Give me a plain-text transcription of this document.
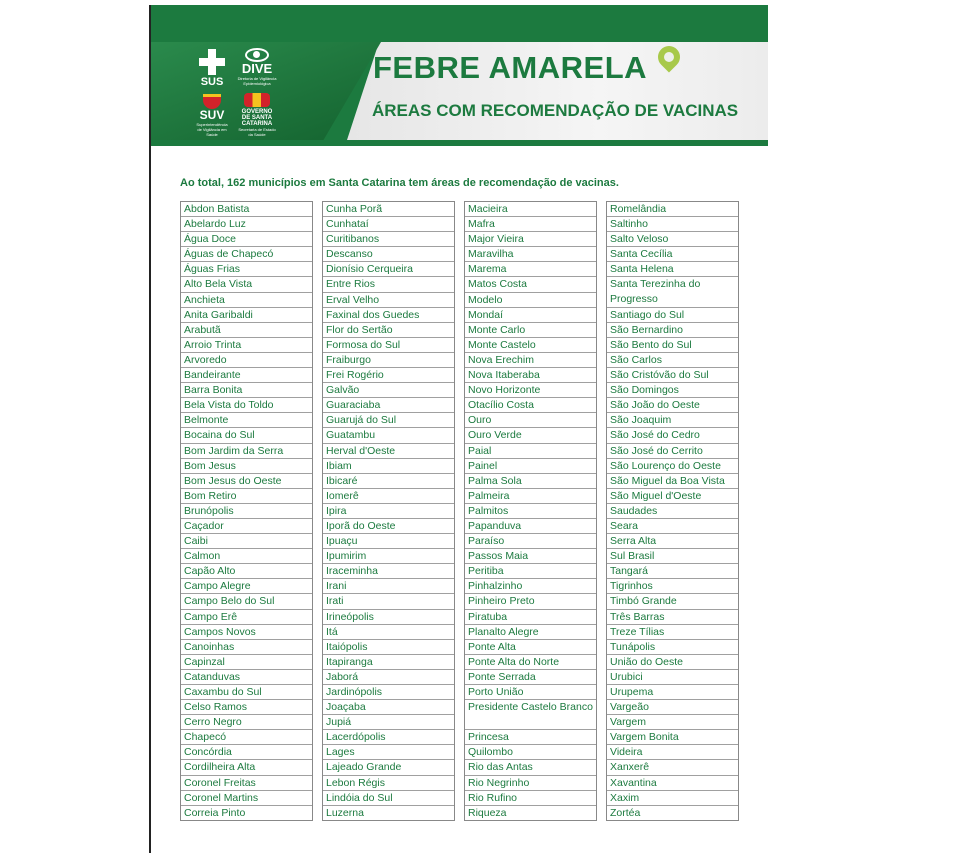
SUS
DIVE
Diretoria de Vigilância Epidemiológica
SUV
Superintendência de Vigilância em Saúde
GOVERNO DE SANTA CATARINA
Secretaria de Estado da Saúde
FEBRE AMARELA
ÁREAS COM RECOMENDAÇÃO DE VACINAS
Ao total, 162 municípios em Santa Catarina tem áreas de recomendação de vacinas.
Abdon Batista
Abelardo Luz
Água Doce
Águas de Chapecó
Águas Frias
Alto Bela Vista
Anchieta
Anita Garibaldi
Arabutã
Arroio Trinta
Arvoredo
Bandeirante
Barra Bonita
Bela Vista do Toldo
Belmonte
Bocaina do Sul
Bom Jardim da Serra
Bom Jesus
Bom Jesus do Oeste
Bom Retiro
Brunópolis
Caçador
Caibi
Calmon
Capão Alto
Campo Alegre
Campo Belo do Sul
Campo Erê
Campos Novos
Canoinhas
Capinzal
Catanduvas
Caxambu do Sul
Celso Ramos
Cerro Negro
Chapecó
Concórdia
Cordilheira Alta
Coronel Freitas
Coronel Martins
Correia Pinto
Cunha Porã
Cunhataí
Curitibanos
Descanso
Dionísio Cerqueira
Entre Rios
Erval Velho
Faxinal dos Guedes
Flor do Sertão
Formosa do Sul
Fraiburgo
Frei Rogério
Galvão
Guaraciaba
Guarujá do Sul
Guatambu
Herval d'Oeste
Ibiam
Ibicaré
Iomerê
Ipira
Iporã do Oeste
Ipuaçu
Ipumirim
Iraceminha
Irani
Irati
Irineópolis
Itá
Itaiópolis
Itapiranga
Jaborá
Jardinópolis
Joaçaba
Jupiá
Lacerdópolis
Lages
Lajeado Grande
Lebon Régis
Lindóia do Sul
Luzerna
Macieira
Mafra
Major Vieira
Maravilha
Marema
Matos Costa
Modelo
Mondaí
Monte Carlo
Monte Castelo
Nova Erechim
Nova Itaberaba
Novo Horizonte
Otacílio Costa
Ouro
Ouro Verde
Paial
Painel
Palma Sola
Palmeira
Palmitos
Papanduva
Paraíso
Passos Maia
Peritiba
Pinhalzinho
Pinheiro Preto
Piratuba
Planalto Alegre
Ponte Alta
Ponte Alta do Norte
Ponte Serrada
Porto União
Presidente Castelo Branco
Princesa
Quilombo
Rio das Antas
Rio Negrinho
Rio Rufino
Riqueza
Romelândia
Saltinho
Salto Veloso
Santa Cecília
Santa Helena
Santa Terezinha do Progresso
Santiago do Sul
São Bernardino
São Bento do Sul
São Carlos
São Cristóvão do Sul
São Domingos
São João do Oeste
São Joaquim
São José do Cedro
São José do Cerrito
São Lourenço do Oeste
São Miguel da Boa Vista
São Miguel d'Oeste
Saudades
Seara
Serra Alta
Sul Brasil
Tangará
Tigrinhos
Timbó Grande
Três Barras
Treze Tílias
Tunápolis
União do Oeste
Urubici
Urupema
Vargeão
Vargem
Vargem Bonita
Videira
Xanxerê
Xavantina
Xaxim
Zortéa
